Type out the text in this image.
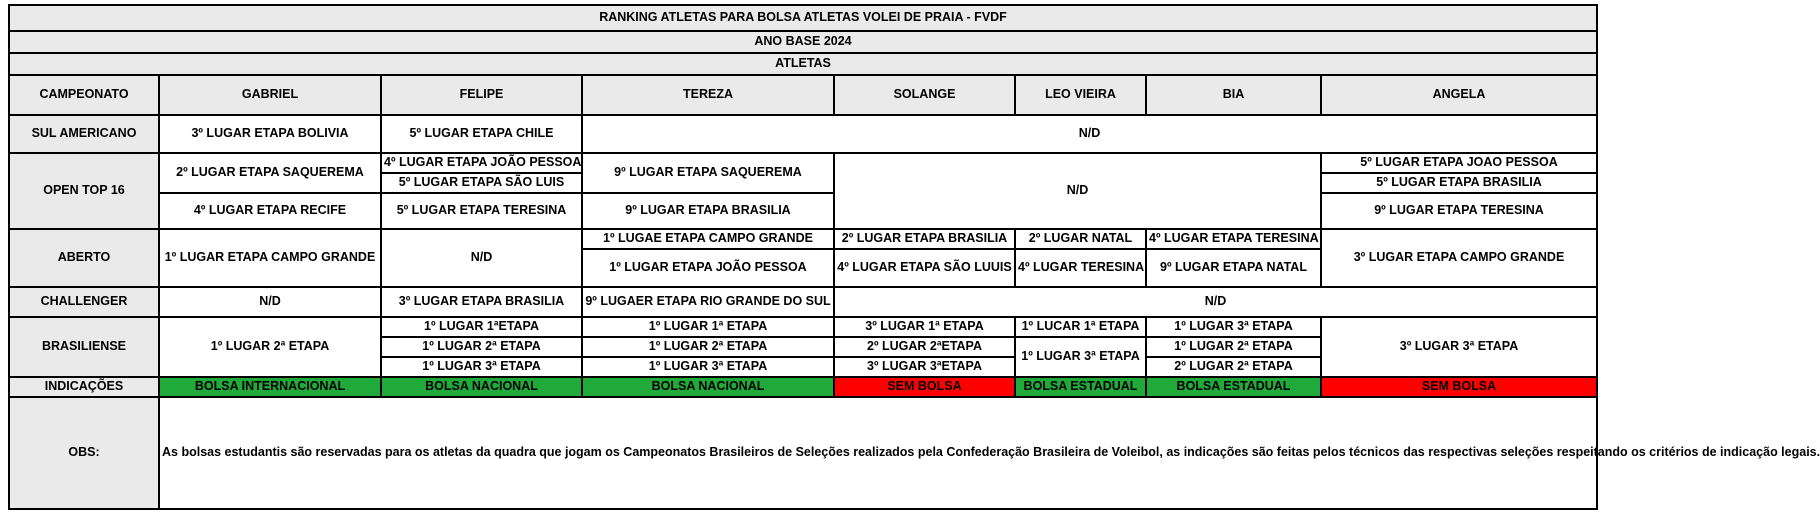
RANKING ATLETAS PARA BOLSA ATLETAS VOLEI DE PRAIA - FVDF							
ANO BASE 2024							
ATLETAS							
CAMPEONATO	GABRIEL	FELIPE	TEREZA	SOLANGE	LEO VIEIRA	BIA	ANGELA
SUL AMERICANO	3º LUGAR ETAPA BOLIVIA	5º LUGAR ETAPA CHILE	N/D				
OPEN TOP 16	2º LUGAR ETAPA SAQUEREMA	4º LUGAR ETAPA JOÃO PESSOA	9º LUGAR ETAPA SAQUEREMA	N/D			5º LUGAR ETAPA JOAO PESSOA
		5º LUGAR ETAPA SÃO LUIS					5º LUGAR ETAPA BRASILIA
	4º LUGAR ETAPA RECIFE	5º LUGAR ETAPA TERESINA	9º LUGAR ETAPA BRASILIA				9º LUGAR ETAPA TERESINA
ABERTO	1º LUGAR ETAPA CAMPO GRANDE	N/D	1º LUGAE ETAPA CAMPO GRANDE	2º LUGAR ETAPA BRASILIA	2º LUGAR NATAL	4º LUGAR ETAPA TERESINA	3º LUGAR ETAPA CAMPO GRANDE
			1º LUGAR ETAPA JOÃO PESSOA	4º LUGAR ETAPA SÃO LUUIS	4º LUGAR TERESINA	9º LUGAR ETAPA NATAL	
CHALLENGER	N/D	3º LUGAR ETAPA BRASILIA	9º LUGAER ETAPA RIO GRANDE DO SUL	N/D			
BRASILIENSE	1º LUGAR 2ª ETAPA	1º LUGAR 1ªETAPA	1º LUGAR 1ª ETAPA	3º LUGAR 1ª ETAPA	1º LUCAR 1ª ETAPA	1º LUGAR 3ª ETAPA	3º LUGAR 3ª ETAPA
		1º LUGAR 2ª ETAPA	1º LUGAR 2ª ETAPA	2º LUGAR 2ªETAPA	1º LUGAR 3ª ETAPA	1º LUGAR 2ª ETAPA	
		1º LUGAR 3ª ETAPA	1º LUGAR 3ª ETAPA	3º LUGAR 3ªETAPA		2º LUGAR 2ª ETAPA	
INDICAÇÕES	BOLSA INTERNACIONAL	BOLSA NACIONAL	BOLSA NACIONAL	SEM BOLSA	BOLSA ESTADUAL	BOLSA ESTADUAL	SEM BOLSA
OBS:	As bolsas estudantis são reservadas para os atletas da quadra que jogam os Campeonatos Brasileiros de Seleções realizados pela Confederação Brasileira de Voleibol, as indicações são feitas pelos técnicos das respectivas seleções respeitando os critérios de indicação legais.						
